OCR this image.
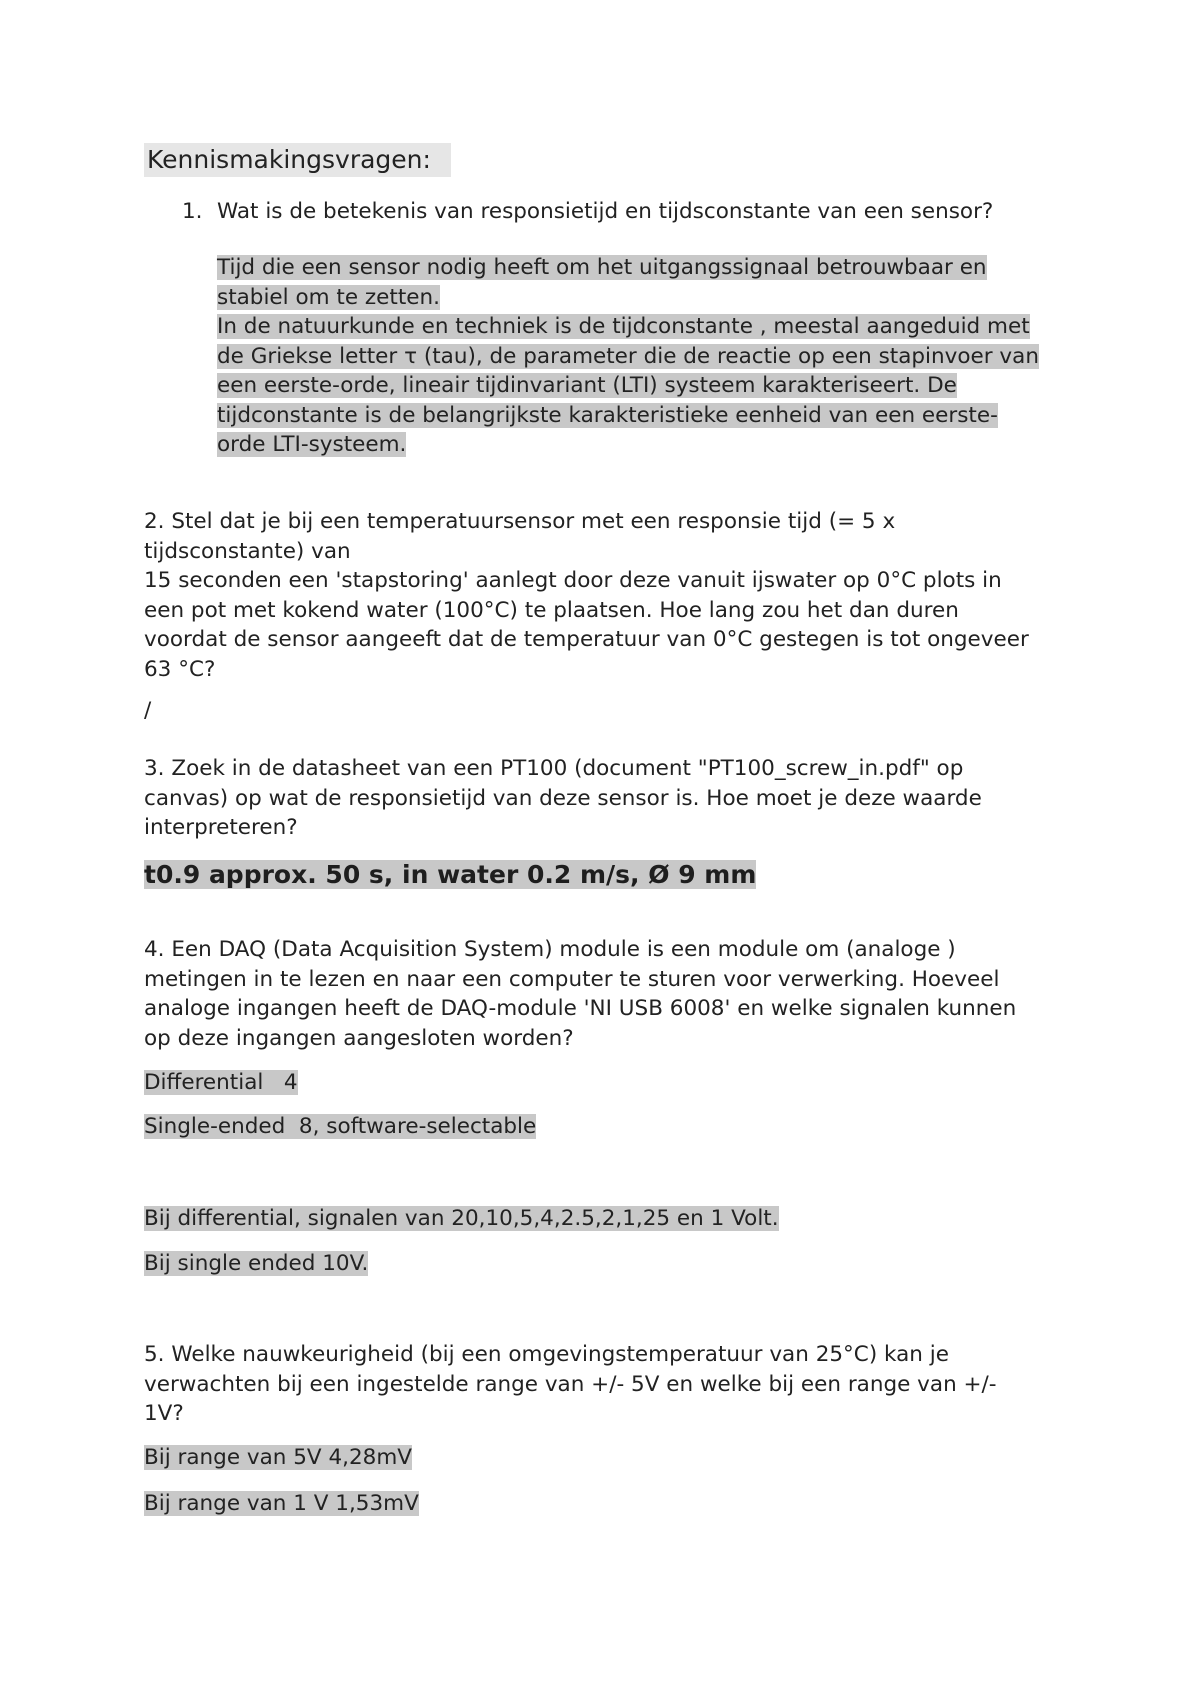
Kennismakingsvragen:
1. Wat is de betekenis van responsietijd en tijdsconstante van een sensor?
Tijd die een sensor nodig heeft om het uitgangssignaal betrouwbaar en stabiel om te zetten. In de natuurkunde en techniek is de tijdconstante , meestal aangeduid met de Griekse letter τ (tau), de parameter die de reactie op een stapinvoer van een eerste-orde, lineair tijdinvariant (LTI) systeem karakteriseert. De tijdconstante is de belangrijkste karakteristieke eenheid van een eerste- orde LTI-systeem.
2. Stel dat je bij een temperatuursensor met een responsie tijd (= 5 x
tijdsconstante) van
15 seconden een 'stapstoring' aanlegt door deze vanuit ijswater op 0°C plots in
een pot met kokend water (100°C) te plaatsen. Hoe lang zou het dan duren
voordat de sensor aangeeft dat de temperatuur van 0°C gestegen is tot ongeveer
63 °C?
/
3. Zoek in de datasheet van een PT100 (document "PT100_screw_in.pdf" op
canvas) op wat de responsietijd van deze sensor is. Hoe moet je deze waarde
interpreteren?
t0.9 approx. 50 s, in water 0.2 m/s, Ø 9 mm
4. Een DAQ (Data Acquisition System) module is een module om (analoge )
metingen in te lezen en naar een computer te sturen voor verwerking. Hoeveel
analoge ingangen heeft de DAQ-module 'NI USB 6008' en welke signalen kunnen
op deze ingangen aangesloten worden?
Differential   4
Single-ended  8, software-selectable
Bij differential, signalen van 20,10,5,4,2.5,2,1,25 en 1 Volt.
Bij single ended 10V.
5. Welke nauwkeurigheid (bij een omgevingstemperatuur van 25°C) kan je
verwachten bij een ingestelde range van +/- 5V en welke bij een range van +/-
1V?
Bij range van 5V 4,28mV
Bij range van 1 V 1,53mV
